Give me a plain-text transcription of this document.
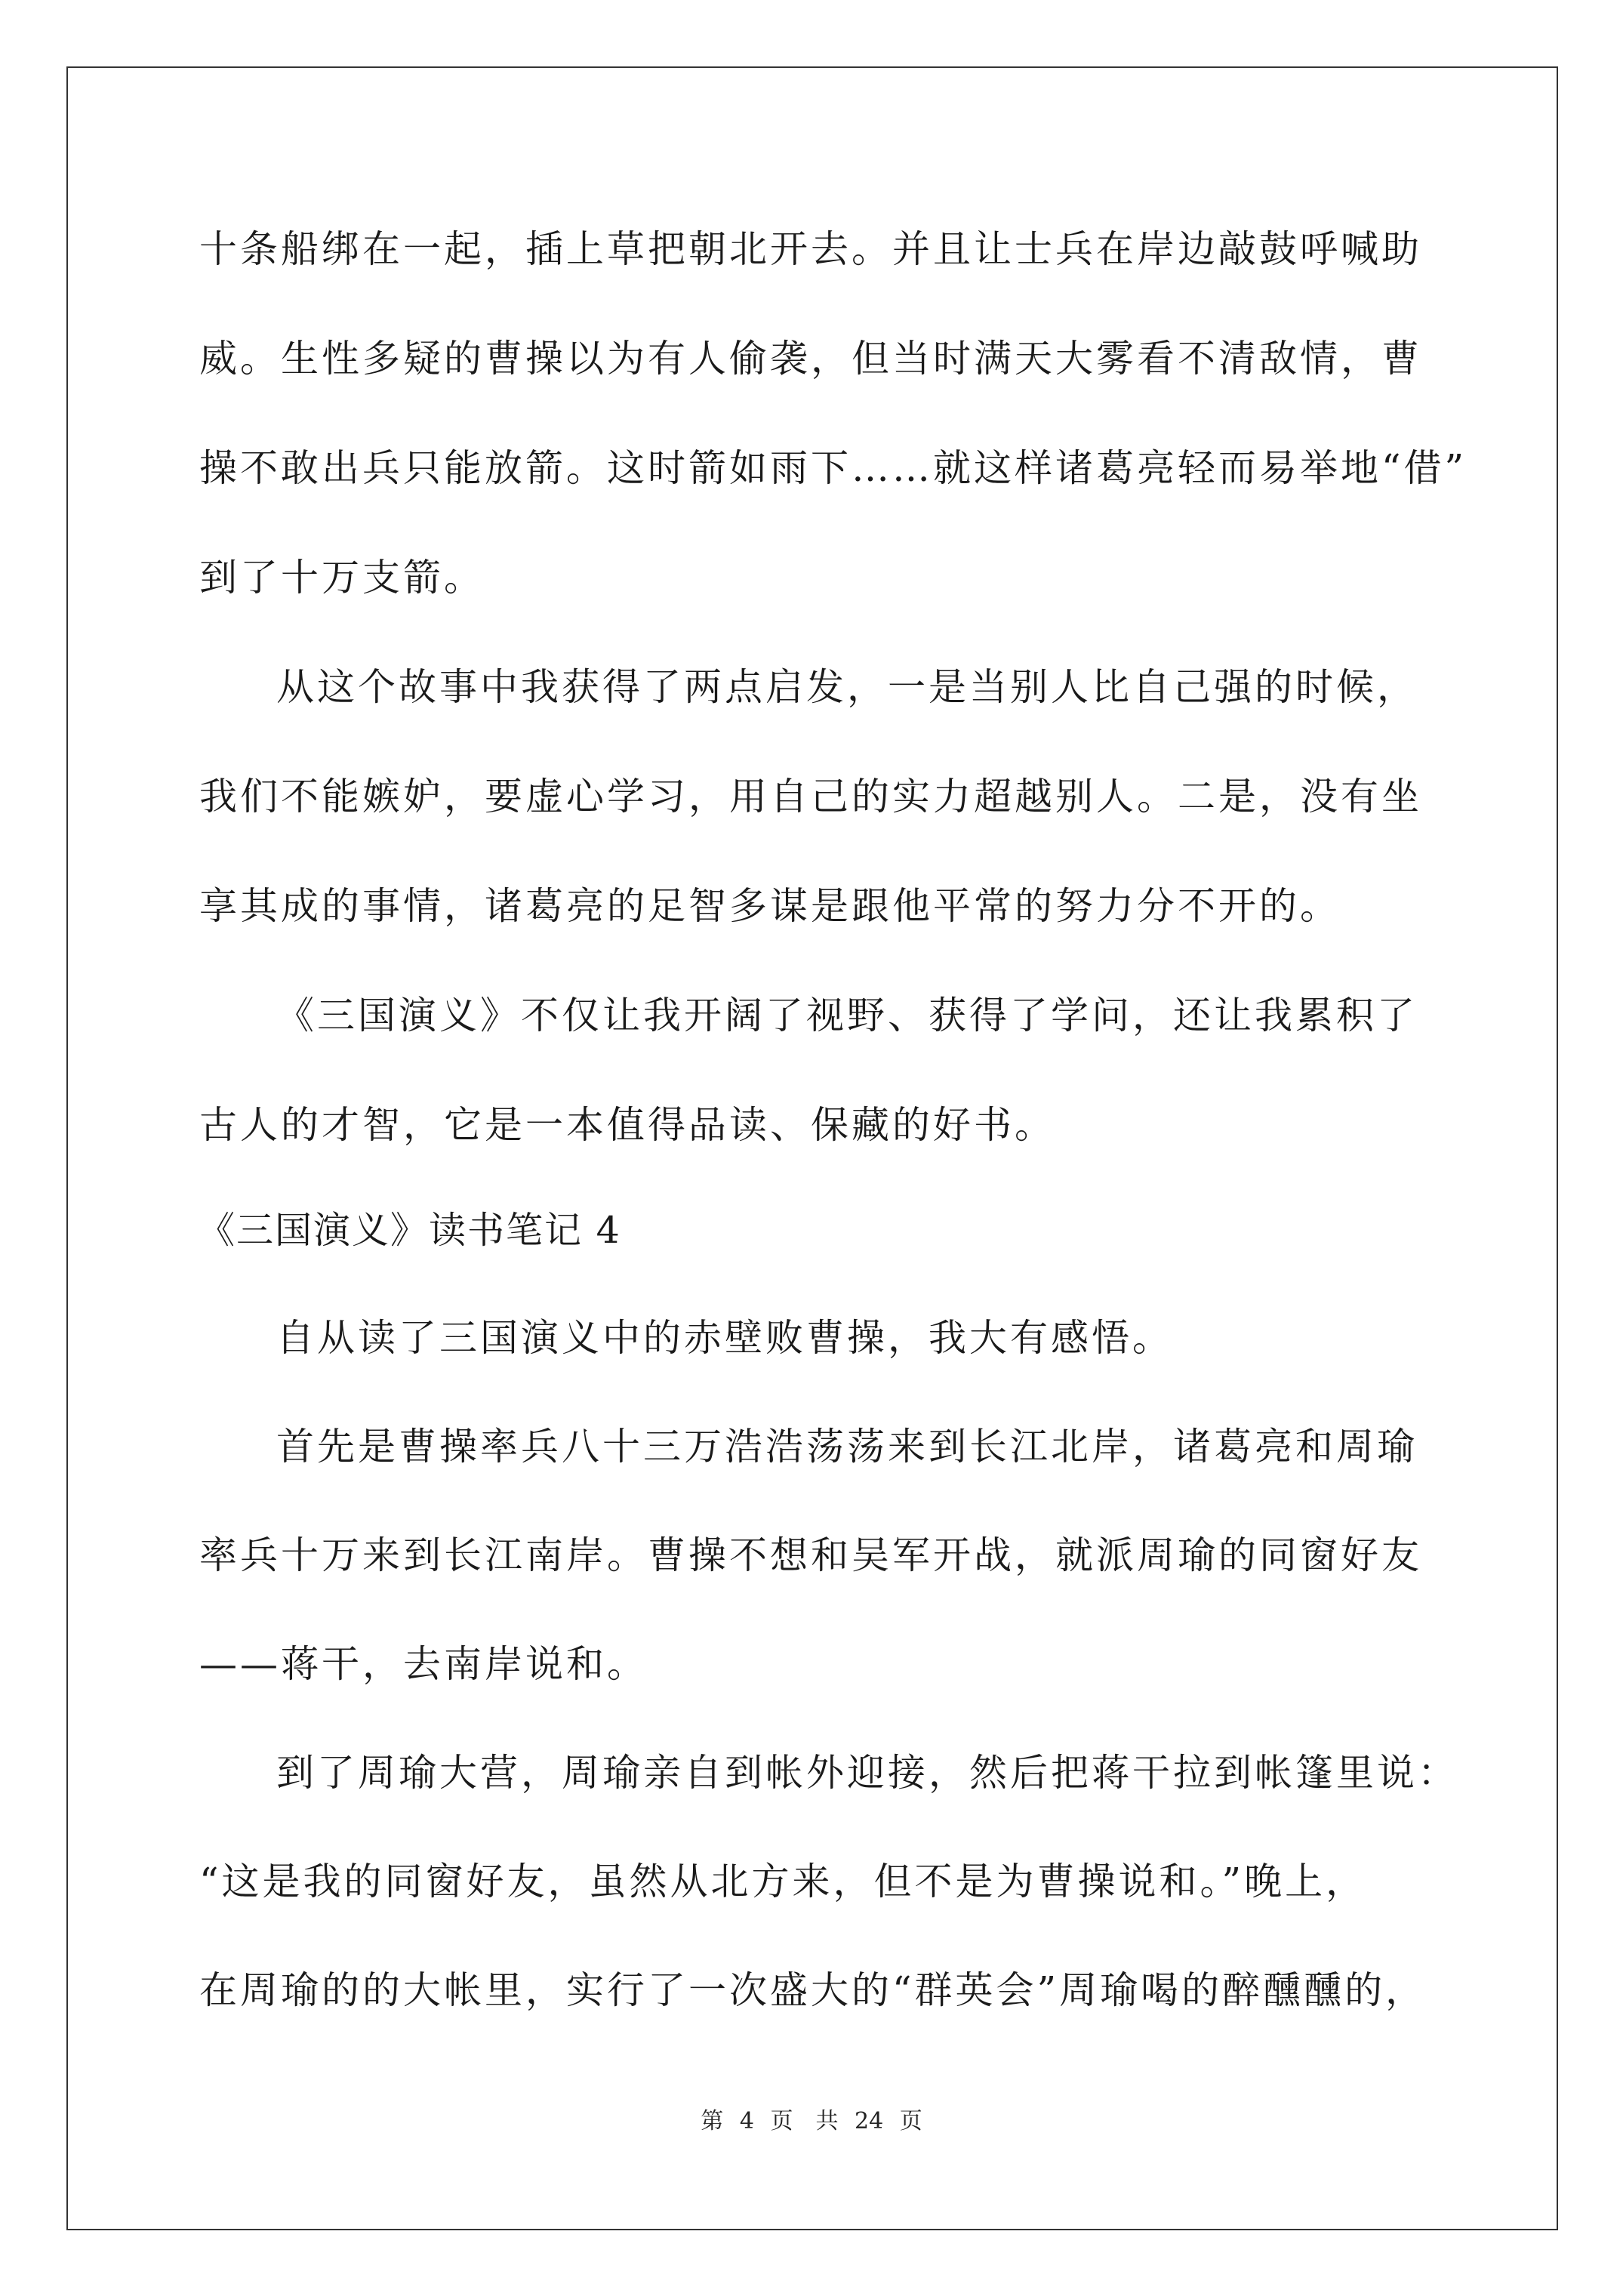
十条船绑在一起，插上草把朝北开去。并且让士兵在岸边敲鼓呼喊助
威。生性多疑的曹操以为有人偷袭，但当时满天大雾看不清敌情，曹
操不敢出兵只能放箭。这时箭如雨下……就这样诸葛亮轻而易举地“借”
到了十万支箭。
从这个故事中我获得了两点启发，一是当别人比自己强的时候，
我们不能嫉妒，要虚心学习，用自己的实力超越别人。二是，没有坐
享其成的事情，诸葛亮的足智多谋是跟他平常的努力分不开的。
《三国演义》不仅让我开阔了视野、获得了学问，还让我累积了
古人的才智，它是一本值得品读、保藏的好书。
《三国演义》读书笔记 4
自从读了三国演义中的赤壁败曹操，我大有感悟。
首先是曹操率兵八十三万浩浩荡荡来到长江北岸，诸葛亮和周瑜
率兵十万来到长江南岸。曹操不想和吴军开战，就派周瑜的同窗好友
——蒋干，去南岸说和。
到了周瑜大营，周瑜亲自到帐外迎接，然后把蒋干拉到帐篷里说：
“这是我的同窗好友，虽然从北方来，但不是为曹操说和。”晚上，
在周瑜的的大帐里，实行了一次盛大的“群英会”周瑜喝的醉醺醺的，
第 4 页　共 24 页
